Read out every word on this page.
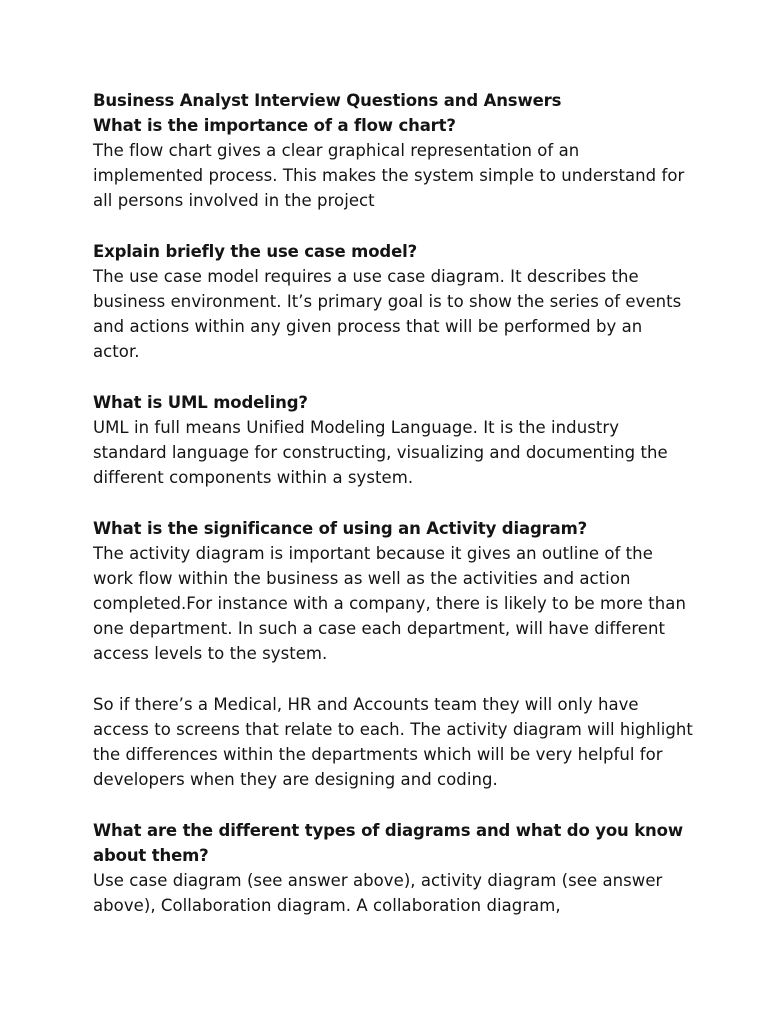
Business Analyst Interview Questions and Answers

What is the importance of a flow chart?

The flow chart gives a clear graphical representation of an implemented process. This makes the system simple to understand for all persons involved in the project

Explain briefly the use case model?

The use case model requires a use case diagram. It describes the business environment. It’s primary goal is to show the series of events and actions within any given process that will be performed by an actor.

What is UML modeling?

UML in full means Unified Modeling Language. It is the industry standard language for constructing, visualizing and documenting the different components within a system.

What is the significance of using an Activity diagram?

The activity diagram is important because it gives an outline of the work flow within the business as well as the activities and action completed.For instance with a company, there is likely to be more than one department. In such a case each department, will have different access levels to the system.

So if there’s a Medical, HR and Accounts team they will only have access to screens that relate to each. The activity diagram will highlight the differences within the departments which will be very helpful for developers when they are designing and coding.

What are the different types of diagrams and what do you know about them?

Use case diagram (see answer above), activity diagram (see answer above), Collaboration diagram. A collaboration diagram,
